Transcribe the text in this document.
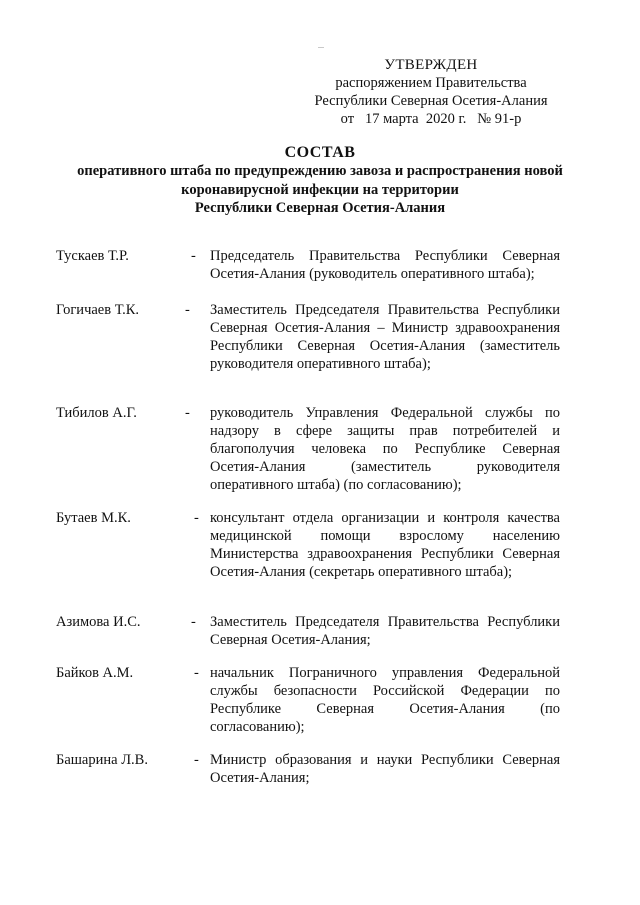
УТВЕРЖДЕН
распоряжением Правительства
Республики Северная Осетия-Алания
от   17 марта  2020 г.   № 91-р
СОСТАВ
оперативного штаба по предупреждению завоза и распространения новой
коронавирусной инфекции на территории
Республики Северная Осетия-Алания
Тускаев Т.Р.	- Председатель Правительства Республики Северная Осетия-Алания (руководитель оперативного штаба);
Гогичаев Т.К.	-	Заместитель Председателя Правительства Республики Северная Осетия-Алания – Министр здравоохранения Республики Северная Осетия-Алания (заместитель руководителя оперативного штаба);
Тибилов А.Г.	-	руководитель Управления Федеральной службы по надзору в сфере защиты прав потребителей и благополучия человека по Республике Северная Осетия-Алания (заместитель руководителя оперативного штаба) (по согласованию);
Бутаев М.К.	- консультант отдела организации и контроля качества медицинской помощи взрослому населению Министерства здравоохранения Республики Северная Осетия-Алания (секретарь оперативного штаба);
Азимова И.С.	- Заместитель Председателя Правительства Республики Северная Осетия-Алания;
Байков А.М.	- начальник Пограничного управления Федеральной службы безопасности Российской Федерации по Республике Северная Осетия-Алания (по согласованию);
Башарина Л.В.	- Министр образования и науки Республики Северная Осетия-Алания;
